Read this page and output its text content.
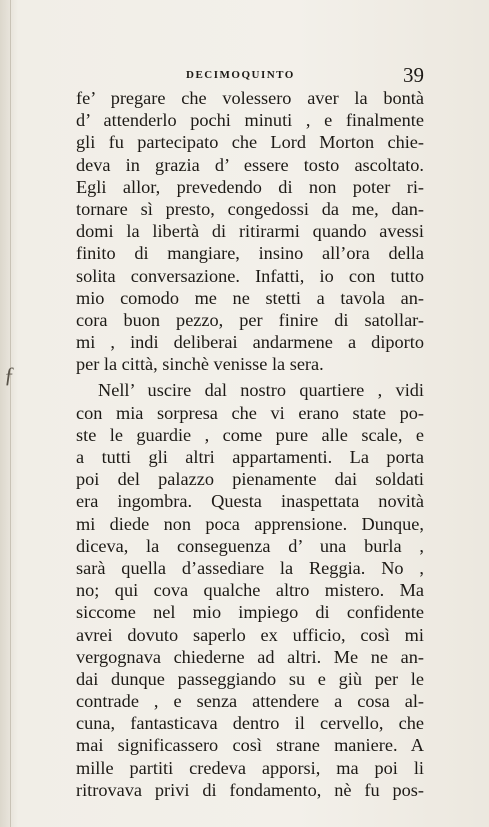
DECIMOQUINTO	39
ƒ
fe’ pregare che volessero aver la bontà
d’ attenderlo pochi minuti , e finalmente
gli fu partecipato che Lord Morton chie-
deva in grazia d’ essere tosto ascoltato.
Egli allor, prevedendo di non poter ri-
tornare sì presto, congedossi da me, dan-
domi la libertà di ritirarmi quando avessi
finito di mangiare, insino all’ora della
solita conversazione. Infatti, io con tutto
mio comodo me ne stetti a tavola an-
cora buon pezzo, per finire di satollar-
mi , indi deliberai andarmene a diporto
per la città, sinchè venisse la sera.
Nell’ uscire dal nostro quartiere , vidi
con mia sorpresa che vi erano state po-
ste le guardie , come pure alle scale, e
a tutti gli altri appartamenti. La porta
poi del palazzo pienamente dai soldati
era ingombra. Questa inaspettata novità
mi diede non poca apprensione. Dunque,
diceva, la conseguenza d’ una burla ,
sarà quella d’assediare la Reggia. No ,
no; qui cova qualche altro mistero. Ma
siccome nel mio impiego di confidente
avrei dovuto saperlo ex ufficio, così mi
vergognava chiederne ad altri. Me ne an-
dai dunque passeggiando su e giù per le
contrade , e senza attendere a cosa al-
cuna, fantasticava dentro il cervello, che
mai significassero così strane maniere. A
mille partiti credeva apporsi, ma poi li
ritrovava privi di fondamento, nè fu pos-
